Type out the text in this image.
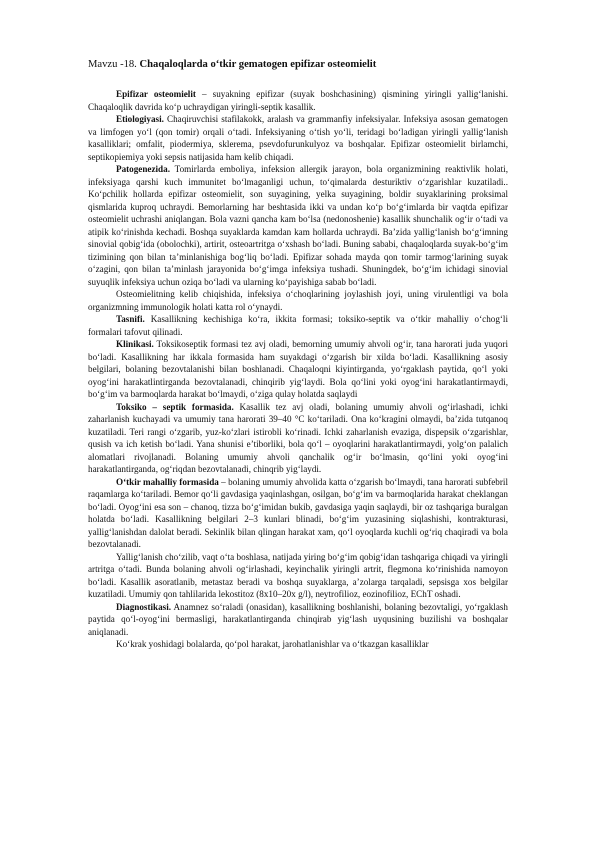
Mavzu -18. Chaqaloqlarda o‘tkir gematogen epifizar osteomielit

Epifizar osteomielit – suyakning epifizar (suyak boshchasining) qismining yiringli yallig‘lanishi. Chaqaloqlik davrida ko‘p uchraydigan yiringli-septik kasallik.

Etiologiyasi. Chaqiruvchisi stafilakokk, aralash va grammanfiy infeksiyalar. Infeksiya asosan gematogen va limfogen yo‘l (qon tomir) orqali o‘tadi. Infeksiyaning o‘tish yo‘li, teridagi bo‘ladigan yiringli yallig‘lanish kasalliklari; omfalit, piodermiya, sklerema, psevdofurunkulyoz va boshqalar. Epifizar osteomielit birlamchi, septikopiemiya yoki sepsis natijasida ham kelib chiqadi.

Patogenezida. Tomirlarda emboliya, infeksion allergik jarayon, bola organizmining reaktivlik holati, infeksiyaga qarshi kuch immunitet bo‘lmaganligi uchun, to‘qimalarda desturiktiv o‘zgarishlar kuzatiladi.. Ko‘pchilik hollarda epifizar osteomielit, son suyagining, yelka suyagining, boldir suyaklarining proksimal qismlarida kuproq uchraydi. Bemorlarning har beshtasida ikki va undan ko‘p bo‘g‘imlarda bir vaqtda epifizar osteomielit uchrashi aniqlangan. Bola vazni qancha kam bo‘lsa (nedonoshenie) kasallik shunchalik og‘ir o‘tadi va atipik ko‘rinishda kechadi. Boshqa suyaklarda kamdan kam hollarda uchraydi. Ba’zida yallig‘lanish bo‘g‘imning sinovial qobig‘ida (obolochki), artirit, osteoartritga o‘xshash bo‘ladi. Buning sababi, chaqaloqlarda suyak-bo‘g‘im tizimining qon bilan ta’minlanishiga bog‘liq bo‘ladi. Epifizar sohada mayda qon tomir tarmog‘larining suyak o‘zagini, qon bilan ta’minlash jarayonida bo‘g‘imga infeksiya tushadi. Shuningdek, bo‘g‘im ichidagi sinovial suyuqlik infeksiya uchun oziqa bo‘ladi va ularning ko‘payishiga sabab bo‘ladi.

Osteomielitning kelib chiqishida, infeksiya o‘choqlarining joylashish joyi, uning virulentligi va bola organizmning immunologik holati katta rol o‘ynaydi.

Tasnifi. Kasallikning kechishiga ko‘ra, ikkita formasi; toksiko-septik va o‘tkir mahalliy o‘chog‘li formalari tafovut qilinadi.

Klinikasi. Toksikoseptik formasi tez avj oladi, bemorning umumiy ahvoli og‘ir, tana harorati juda yuqori bo‘ladi. Kasallikning har ikkala formasida ham suyakdagi o‘zgarish bir xilda bo‘ladi. Kasallikning asosiy belgilari, bolaning bezovtalanishi bilan boshlanadi. Chaqaloqni kiyintirganda, yo‘rgaklash paytida, qo‘l yoki oyog‘ini harakatlintirganda bezovtalanadi, chinqirib yig‘laydi. Bola qo‘lini yoki oyog‘ini harakatlantirmaydi, bo‘g‘im va barmoqlarda harakat bo‘lmaydi, o‘ziga qulay holatda saqlaydi

Toksiko – septik formasida. Kasallik tez avj oladi, bolaning umumiy ahvoli og‘irlashadi, ichki zaharlanish kuchayadi va umumiy tana harorati 39–40 °C ko‘tariladi. Ona ko‘kragini olmaydi, ba’zida tutqanoq kuzatiladi. Teri rangi o‘zgarib, yuz-ko‘zlari istirobli ko‘rinadi. Ichki zaharlanish evaziga, dispepsik o‘zgarishlar, qusish va ich ketish bo‘ladi. Yana shunisi e’tiborliki, bola qo‘l – oyoqlarini harakatlantirmaydi, yolg‘on palalich alomatlari rivojlanadi. Bolaning umumiy ahvoli qanchalik og‘ir bo‘lmasin, qo‘lini yoki oyog‘ini harakatlantirganda, og‘riqdan bezovtalanadi, chinqrib yig‘laydi.

O‘tkir mahalliy formasida – bolaning umumiy ahvolida katta o‘zgarish bo‘lmaydi, tana harorati subfebril raqamlarga ko‘tariladi. Bemor qo‘li gavdasiga yaqinlashgan, osilgan, bo‘g‘im va barmoqlarida harakat cheklangan bo‘ladi. Oyog‘ini esa son – chanoq, tizza bo‘g‘imidan bukib, gavdasiga yaqin saqlaydi, bir oz tashqariga buralgan holatda bo‘ladi. Kasallikning belgilari 2–3 kunlari blinadi, bo‘g‘im yuzasining siqlashishi, kontrakturasi, yallig‘lanishdan dalolat beradi. Sekinlik bilan qlingan harakat xam, qo‘l oyoqlarda kuchli og‘riq chaqiradi va bola bezovtalanadi.

Yallig‘lanish cho‘zilib, vaqt o‘ta boshlasa, natijada yiring bo‘g‘im qobig‘idan tashqariga chiqadi va yiringli artritga o‘tadi. Bunda bolaning ahvoli og‘irlashadi, keyinchalik yiringli artrit, flegmona ko‘rinishida namoyon bo‘ladi. Kasallik asoratlanib, metastaz beradi va boshqa suyaklarga, a’zolarga tarqaladi, sepsisga xos belgilar kuzatiladi. Umumiy qon tahlilarida lekostitoz (8x10–20x g/l), neytrofilioz, eozinofilioz, EChT oshadi.

Diagnostikasi. Anamnez so‘raladi (onasidan), kasallikning boshlanishi, bolaning bezovtaligi, yo‘rgaklash paytida qo‘l-oyog‘ini bermasligi, harakatlantirganda chinqirab yig‘lash uyqusining buzilishi va boshqalar aniqlanadi.

Ko‘krak yoshidagi bolalarda, qo‘pol harakat, jarohatlanishlar va o‘tkazgan kasalliklar
